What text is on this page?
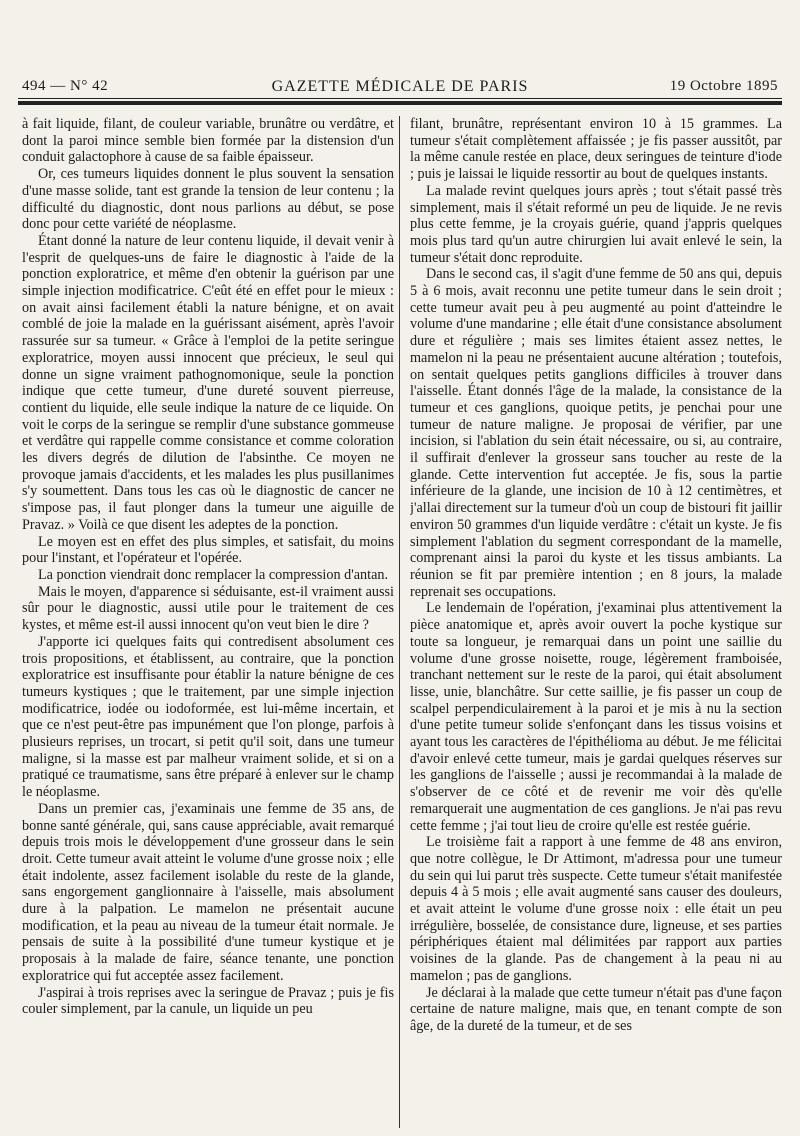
494 — N° 42	GAZETTE MÉDICALE DE PARIS	19 Octobre 1895

à fait liquide, filant, de couleur variable, brunâtre ou verdâtre, et dont la paroi mince semble bien formée par la distension d'un conduit galactophore à cause de sa faible épaisseur.

Or, ces tumeurs liquides donnent le plus souvent la sensation d'une masse solide, tant est grande la tension de leur contenu ; la difficulté du diagnostic, dont nous parlions au début, se pose donc pour cette variété de néoplasme.

Étant donné la nature de leur contenu liquide, il devait venir à l'esprit de quelques-uns de faire le diagnostic à l'aide de la ponction exploratrice, et même d'en obtenir la guérison par une simple injection modificatrice. C'eût été en effet pour le mieux : on avait ainsi facilement établi la nature bénigne, et on avait comblé de joie la malade en la guérissant aisément, après l'avoir rassurée sur sa tumeur. « Grâce à l'emploi de la petite seringue exploratrice, moyen aussi innocent que précieux, le seul qui donne un signe vraiment pathognomonique, seule la ponction indique que cette tumeur, d'une dureté souvent pierreuse, contient du liquide, elle seule indique la nature de ce liquide. On voit le corps de la seringue se remplir d'une substance gommeuse et verdâtre qui rappelle comme consistance et comme coloration les divers degrés de dilution de l'absinthe. Ce moyen ne provoque jamais d'accidents, et les malades les plus pusillanimes s'y soumettent. Dans tous les cas où le diagnostic de cancer ne s'impose pas, il faut plonger dans la tumeur une aiguille de Pravaz. » Voilà ce que disent les adeptes de la ponction.

Le moyen est en effet des plus simples, et satisfait, du moins pour l'instant, et l'opérateur et l'opérée.

La ponction viendrait donc remplacer la compression d'antan.

Mais le moyen, d'apparence si séduisante, est-il vraiment aussi sûr pour le diagnostic, aussi utile pour le traitement de ces kystes, et même est-il aussi innocent qu'on veut bien le dire ?

J'apporte ici quelques faits qui contredisent absolument ces trois propositions, et établissent, au contraire, que la ponction exploratrice est insuffisante pour établir la nature bénigne de ces tumeurs kystiques ; que le traitement, par une simple injection modificatrice, iodée ou iodoformée, est lui-même incertain, et que ce n'est peut-être pas impunément que l'on plonge, parfois à plusieurs reprises, un trocart, si petit qu'il soit, dans une tumeur maligne, si la masse est par malheur vraiment solide, et si on a pratiqué ce traumatisme, sans être préparé à enlever sur le champ le néoplasme.

Dans un premier cas, j'examinais une femme de 35 ans, de bonne santé générale, qui, sans cause appréciable, avait remarqué depuis trois mois le développement d'une grosseur dans le sein droit. Cette tumeur avait atteint le volume d'une grosse noix ; elle était indolente, assez facilement isolable du reste de la glande, sans engorgement ganglionnaire à l'aisselle, mais absolument dure à la palpation. Le mamelon ne présentait aucune modification, et la peau au niveau de la tumeur était normale. Je pensais de suite à la possibilité d'une tumeur kystique et je proposais à la malade de faire, séance tenante, une ponction exploratrice qui fut acceptée assez facilement.

J'aspirai à trois reprises avec la seringue de Pravaz ; puis je fis couler simplement, par la canule, un liquide un peu

filant, brunâtre, représentant environ 10 à 15 grammes. La tumeur s'était complètement affaissée ; je fis passer aussitôt, par la même canule restée en place, deux seringues de teinture d'iode ; puis je laissai le liquide ressortir au bout de quelques instants.

La malade revint quelques jours après ; tout s'était passé très simplement, mais il s'était reformé un peu de liquide. Je ne revis plus cette femme, je la croyais guérie, quand j'appris quelques mois plus tard qu'un autre chirurgien lui avait enlevé le sein, la tumeur s'était donc reproduite.

Dans le second cas, il s'agit d'une femme de 50 ans qui, depuis 5 à 6 mois, avait reconnu une petite tumeur dans le sein droit ; cette tumeur avait peu à peu augmenté au point d'atteindre le volume d'une mandarine ; elle était d'une consistance absolument dure et régulière ; mais ses limites étaient assez nettes, le mamelon ni la peau ne présentaient aucune altération ; toutefois, on sentait quelques petits ganglions difficiles à trouver dans l'aisselle. Étant donnés l'âge de la malade, la consistance de la tumeur et ces ganglions, quoique petits, je penchai pour une tumeur de nature maligne. Je proposai de vérifier, par une incision, si l'ablation du sein était nécessaire, ou si, au contraire, il suffirait d'enlever la grosseur sans toucher au reste de la glande. Cette intervention fut acceptée. Je fis, sous la partie inférieure de la glande, une incision de 10 à 12 centimètres, et j'allai directement sur la tumeur d'où un coup de bistouri fit jaillir environ 50 grammes d'un liquide verdâtre : c'était un kyste. Je fis simplement l'ablation du segment correspondant de la mamelle, comprenant ainsi la paroi du kyste et les tissus ambiants. La réunion se fit par première intention ; en 8 jours, la malade reprenait ses occupations.

Le lendemain de l'opération, j'examinai plus attentivement la pièce anatomique et, après avoir ouvert la poche kystique sur toute sa longueur, je remarquai dans un point une saillie du volume d'une grosse noisette, rouge, légèrement framboisée, tranchant nettement sur le reste de la paroi, qui était absolument lisse, unie, blanchâtre. Sur cette saillie, je fis passer un coup de scalpel perpendiculairement à la paroi et je mis à nu la section d'une petite tumeur solide s'enfonçant dans les tissus voisins et ayant tous les caractères de l'épithélioma au début. Je me félicitai d'avoir enlevé cette tumeur, mais je gardai quelques réserves sur les ganglions de l'aisselle ; aussi je recommandai à la malade de s'observer de ce côté et de revenir me voir dès qu'elle remarquerait une augmentation de ces ganglions. Je n'ai pas revu cette femme ; j'ai tout lieu de croire qu'elle est restée guérie.

Le troisième fait a rapport à une femme de 48 ans environ, que notre collègue, le Dr Attimont, m'adressa pour une tumeur du sein qui lui parut très suspecte. Cette tumeur s'était manifestée depuis 4 à 5 mois ; elle avait augmenté sans causer des douleurs, et avait atteint le volume d'une grosse noix : elle était un peu irrégulière, bosselée, de consistance dure, ligneuse, et ses parties périphériques étaient mal délimitées par rapport aux parties voisines de la glande. Pas de changement à la peau ni au mamelon ; pas de ganglions.

Je déclarai à la malade que cette tumeur n'était pas d'une façon certaine de nature maligne, mais que, en tenant compte de son âge, de la dureté de la tumeur, et de ses
